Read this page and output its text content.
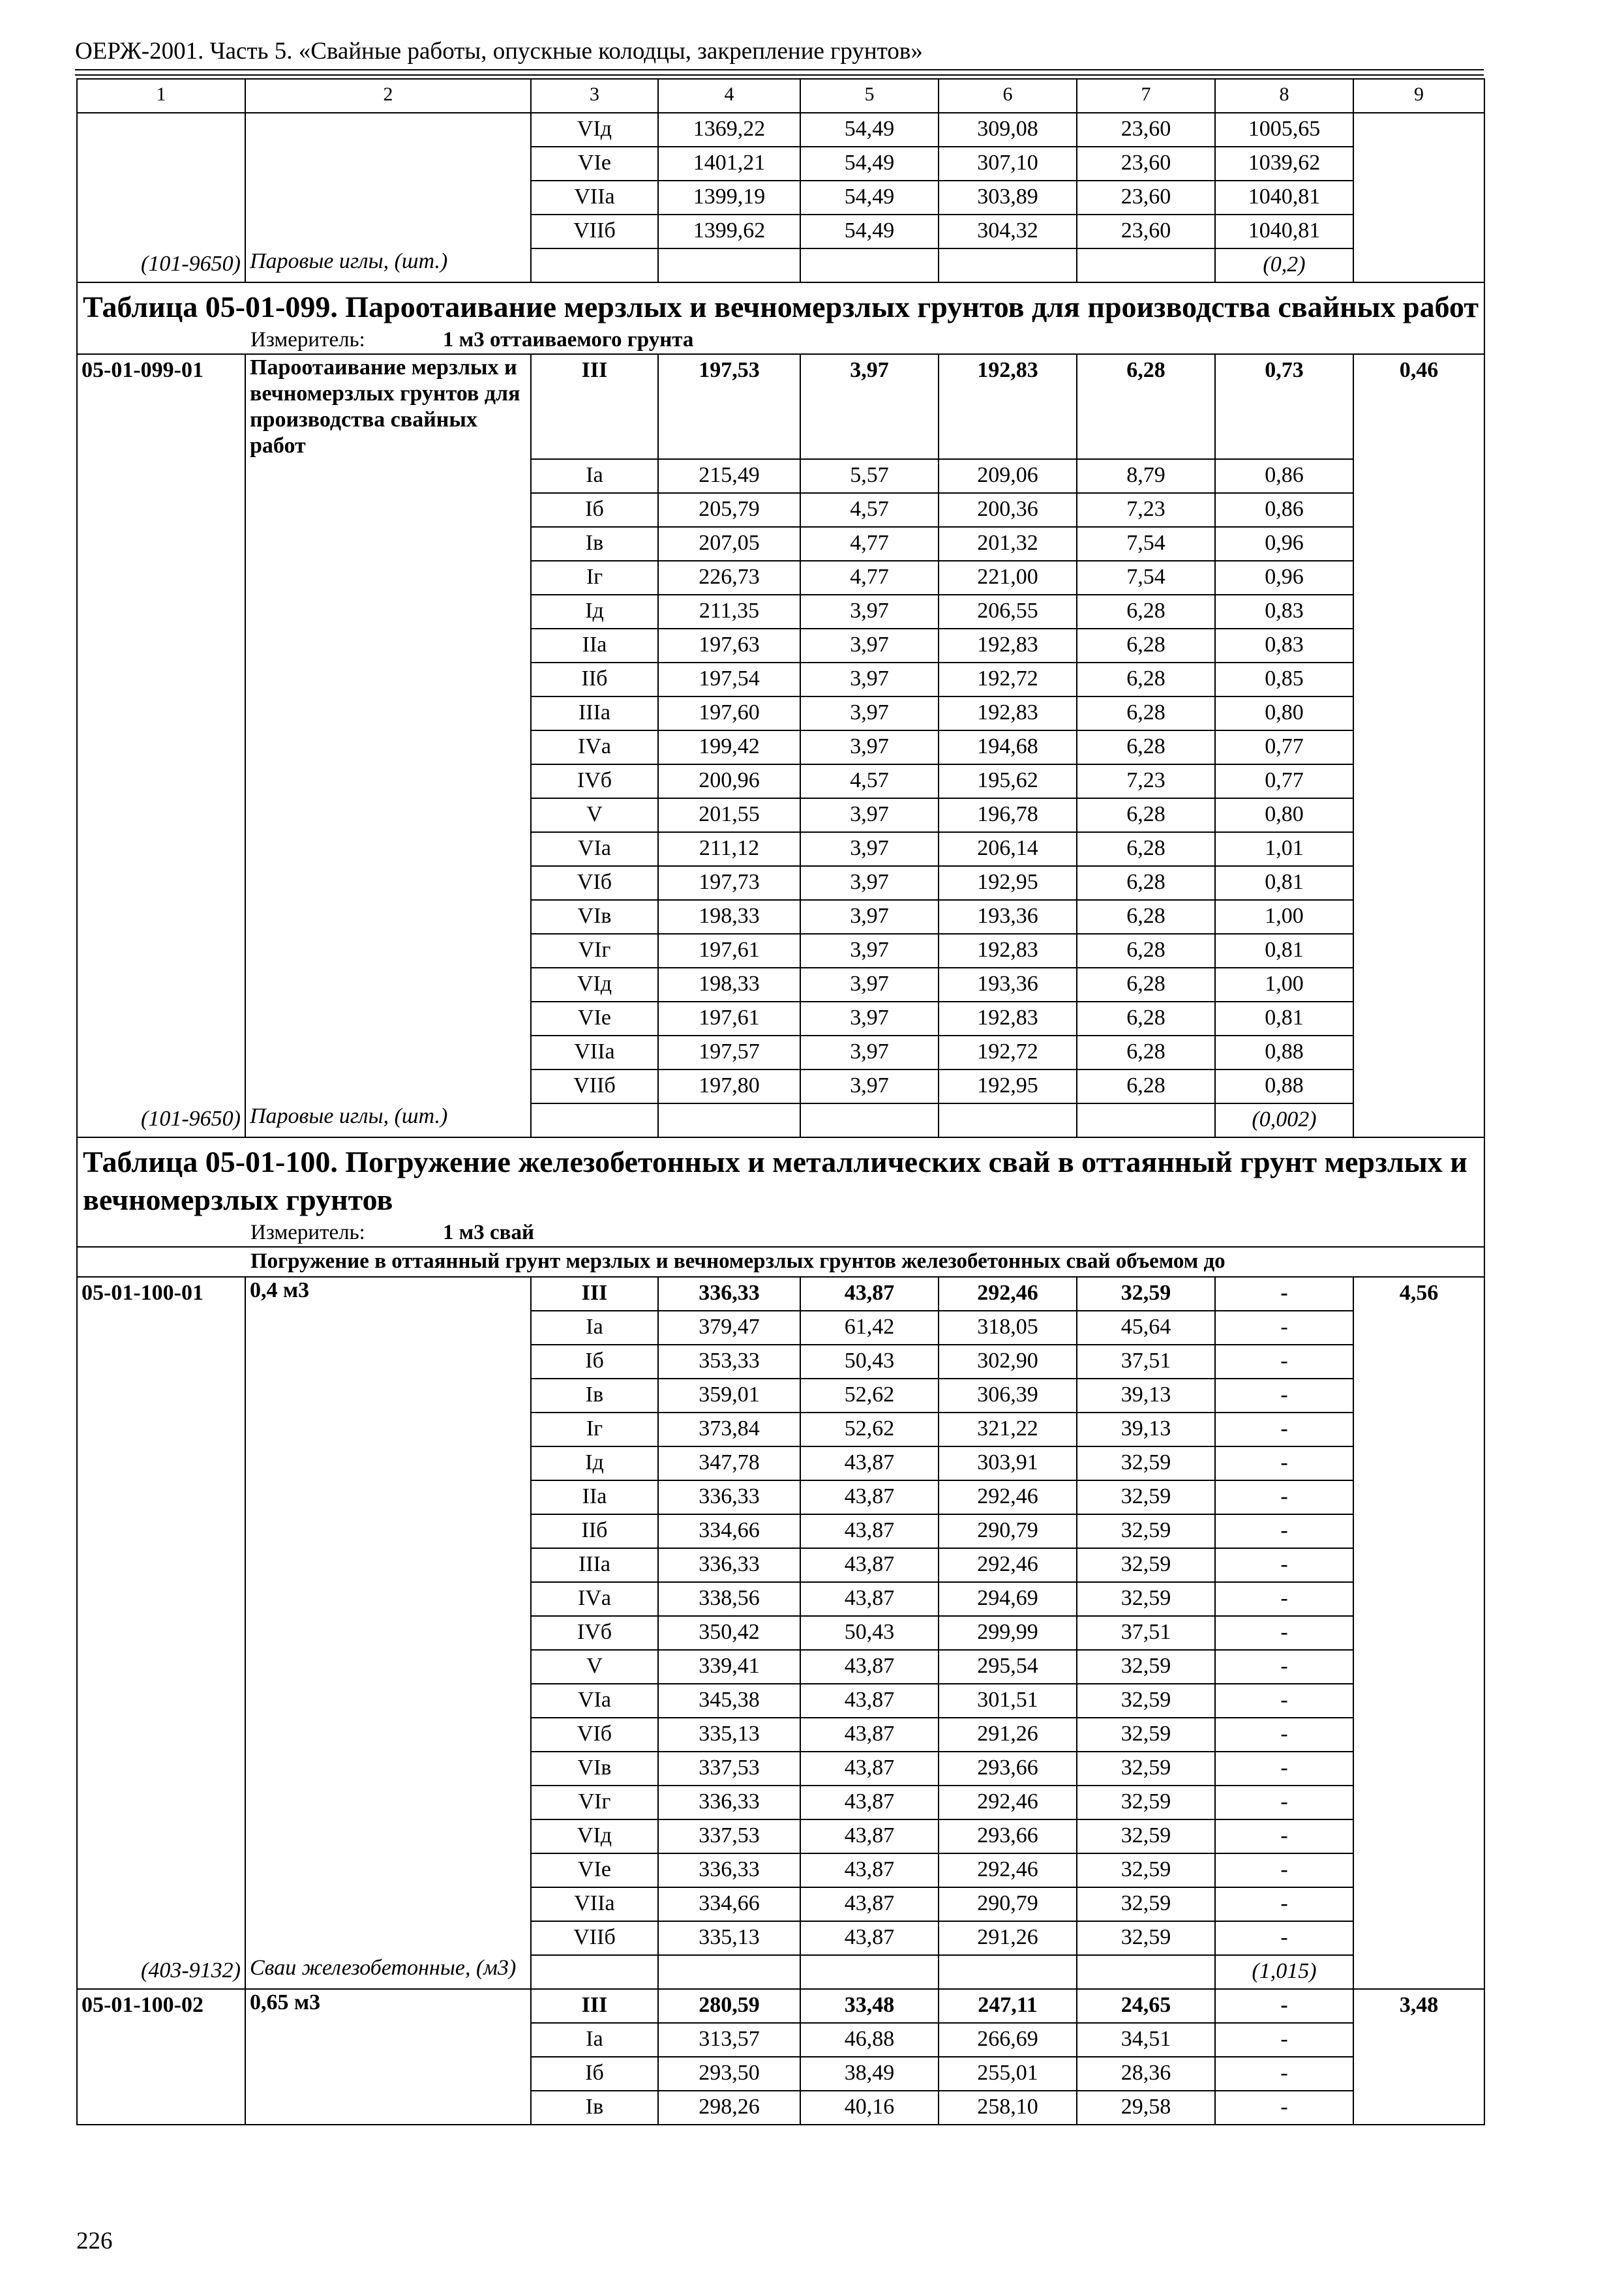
ОЕРЖ-2001. Часть 5. «Свайные работы, опускные колодцы, закрепление грунтов»
1	2	3	4	5	6	7	8	9
		VIд	1369,22	54,49	309,08	23,60	1005,65	
		VIе	1401,21	54,49	307,10	23,60	1039,62	
		VIIа	1399,19	54,49	303,89	23,60	1040,81	
		VIIб	1399,62	54,49	304,32	23,60	1040,81	
(101-9650)	Паровые иглы, (шт.)						(0,2)	
Таблица 05-01-099. Пароотаивание мерзлых и вечномерзлых грунтов для производства свайных работ								
Измеритель: 1 м3 оттаиваемого грунта								
05-01-099-01	Пароотаивание мерзлых и вечномерзлых грунтов для производства свайных работ	III	197,53	3,97	192,83	6,28	0,73	0,46
		Iа	215,49	5,57	209,06	8,79	0,86	
		Iб	205,79	4,57	200,36	7,23	0,86	
		Iв	207,05	4,77	201,32	7,54	0,96	
		Iг	226,73	4,77	221,00	7,54	0,96	
		Iд	211,35	3,97	206,55	6,28	0,83	
		IIа	197,63	3,97	192,83	6,28	0,83	
		IIб	197,54	3,97	192,72	6,28	0,85	
		IIIа	197,60	3,97	192,83	6,28	0,80	
		IVа	199,42	3,97	194,68	6,28	0,77	
		IVб	200,96	4,57	195,62	7,23	0,77	
		V	201,55	3,97	196,78	6,28	0,80	
		VIа	211,12	3,97	206,14	6,28	1,01	
		VIб	197,73	3,97	192,95	6,28	0,81	
		VIв	198,33	3,97	193,36	6,28	1,00	
		VIг	197,61	3,97	192,83	6,28	0,81	
		VIд	198,33	3,97	193,36	6,28	1,00	
		VIе	197,61	3,97	192,83	6,28	0,81	
		VIIа	197,57	3,97	192,72	6,28	0,88	
		VIIб	197,80	3,97	192,95	6,28	0,88	
(101-9650)	Паровые иглы, (шт.)						(0,002)	
Таблица 05-01-100. Погружение железобетонных и металлических свай в оттаянный грунт мерзлых и вечномерзлых грунтов								
Измеритель: 1 м3 свай								
Погружение в оттаянный грунт мерзлых и вечномерзлых грунтов железобетонных свай объемом до								
05-01-100-01	0,4 м3	III	336,33	43,87	292,46	32,59	-	4,56
		Iа	379,47	61,42	318,05	45,64	-	
		Iб	353,33	50,43	302,90	37,51	-	
		Iв	359,01	52,62	306,39	39,13	-	
		Iг	373,84	52,62	321,22	39,13	-	
		Iд	347,78	43,87	303,91	32,59	-	
		IIа	336,33	43,87	292,46	32,59	-	
		IIб	334,66	43,87	290,79	32,59	-	
		IIIа	336,33	43,87	292,46	32,59	-	
		IVа	338,56	43,87	294,69	32,59	-	
		IVб	350,42	50,43	299,99	37,51	-	
		V	339,41	43,87	295,54	32,59	-	
		VIа	345,38	43,87	301,51	32,59	-	
		VIб	335,13	43,87	291,26	32,59	-	
		VIв	337,53	43,87	293,66	32,59	-	
		VIг	336,33	43,87	292,46	32,59	-	
		VIд	337,53	43,87	293,66	32,59	-	
		VIе	336,33	43,87	292,46	32,59	-	
		VIIа	334,66	43,87	290,79	32,59	-	
		VIIб	335,13	43,87	291,26	32,59	-	
(403-9132)	Сваи железобетонные, (м3)						(1,015)	
05-01-100-02	0,65 м3	III	280,59	33,48	247,11	24,65	-	3,48
		Iа	313,57	46,88	266,69	34,51	-	
		Iб	293,50	38,49	255,01	28,36	-	
		Iв	298,26	40,16	258,10	29,58	-	
226
